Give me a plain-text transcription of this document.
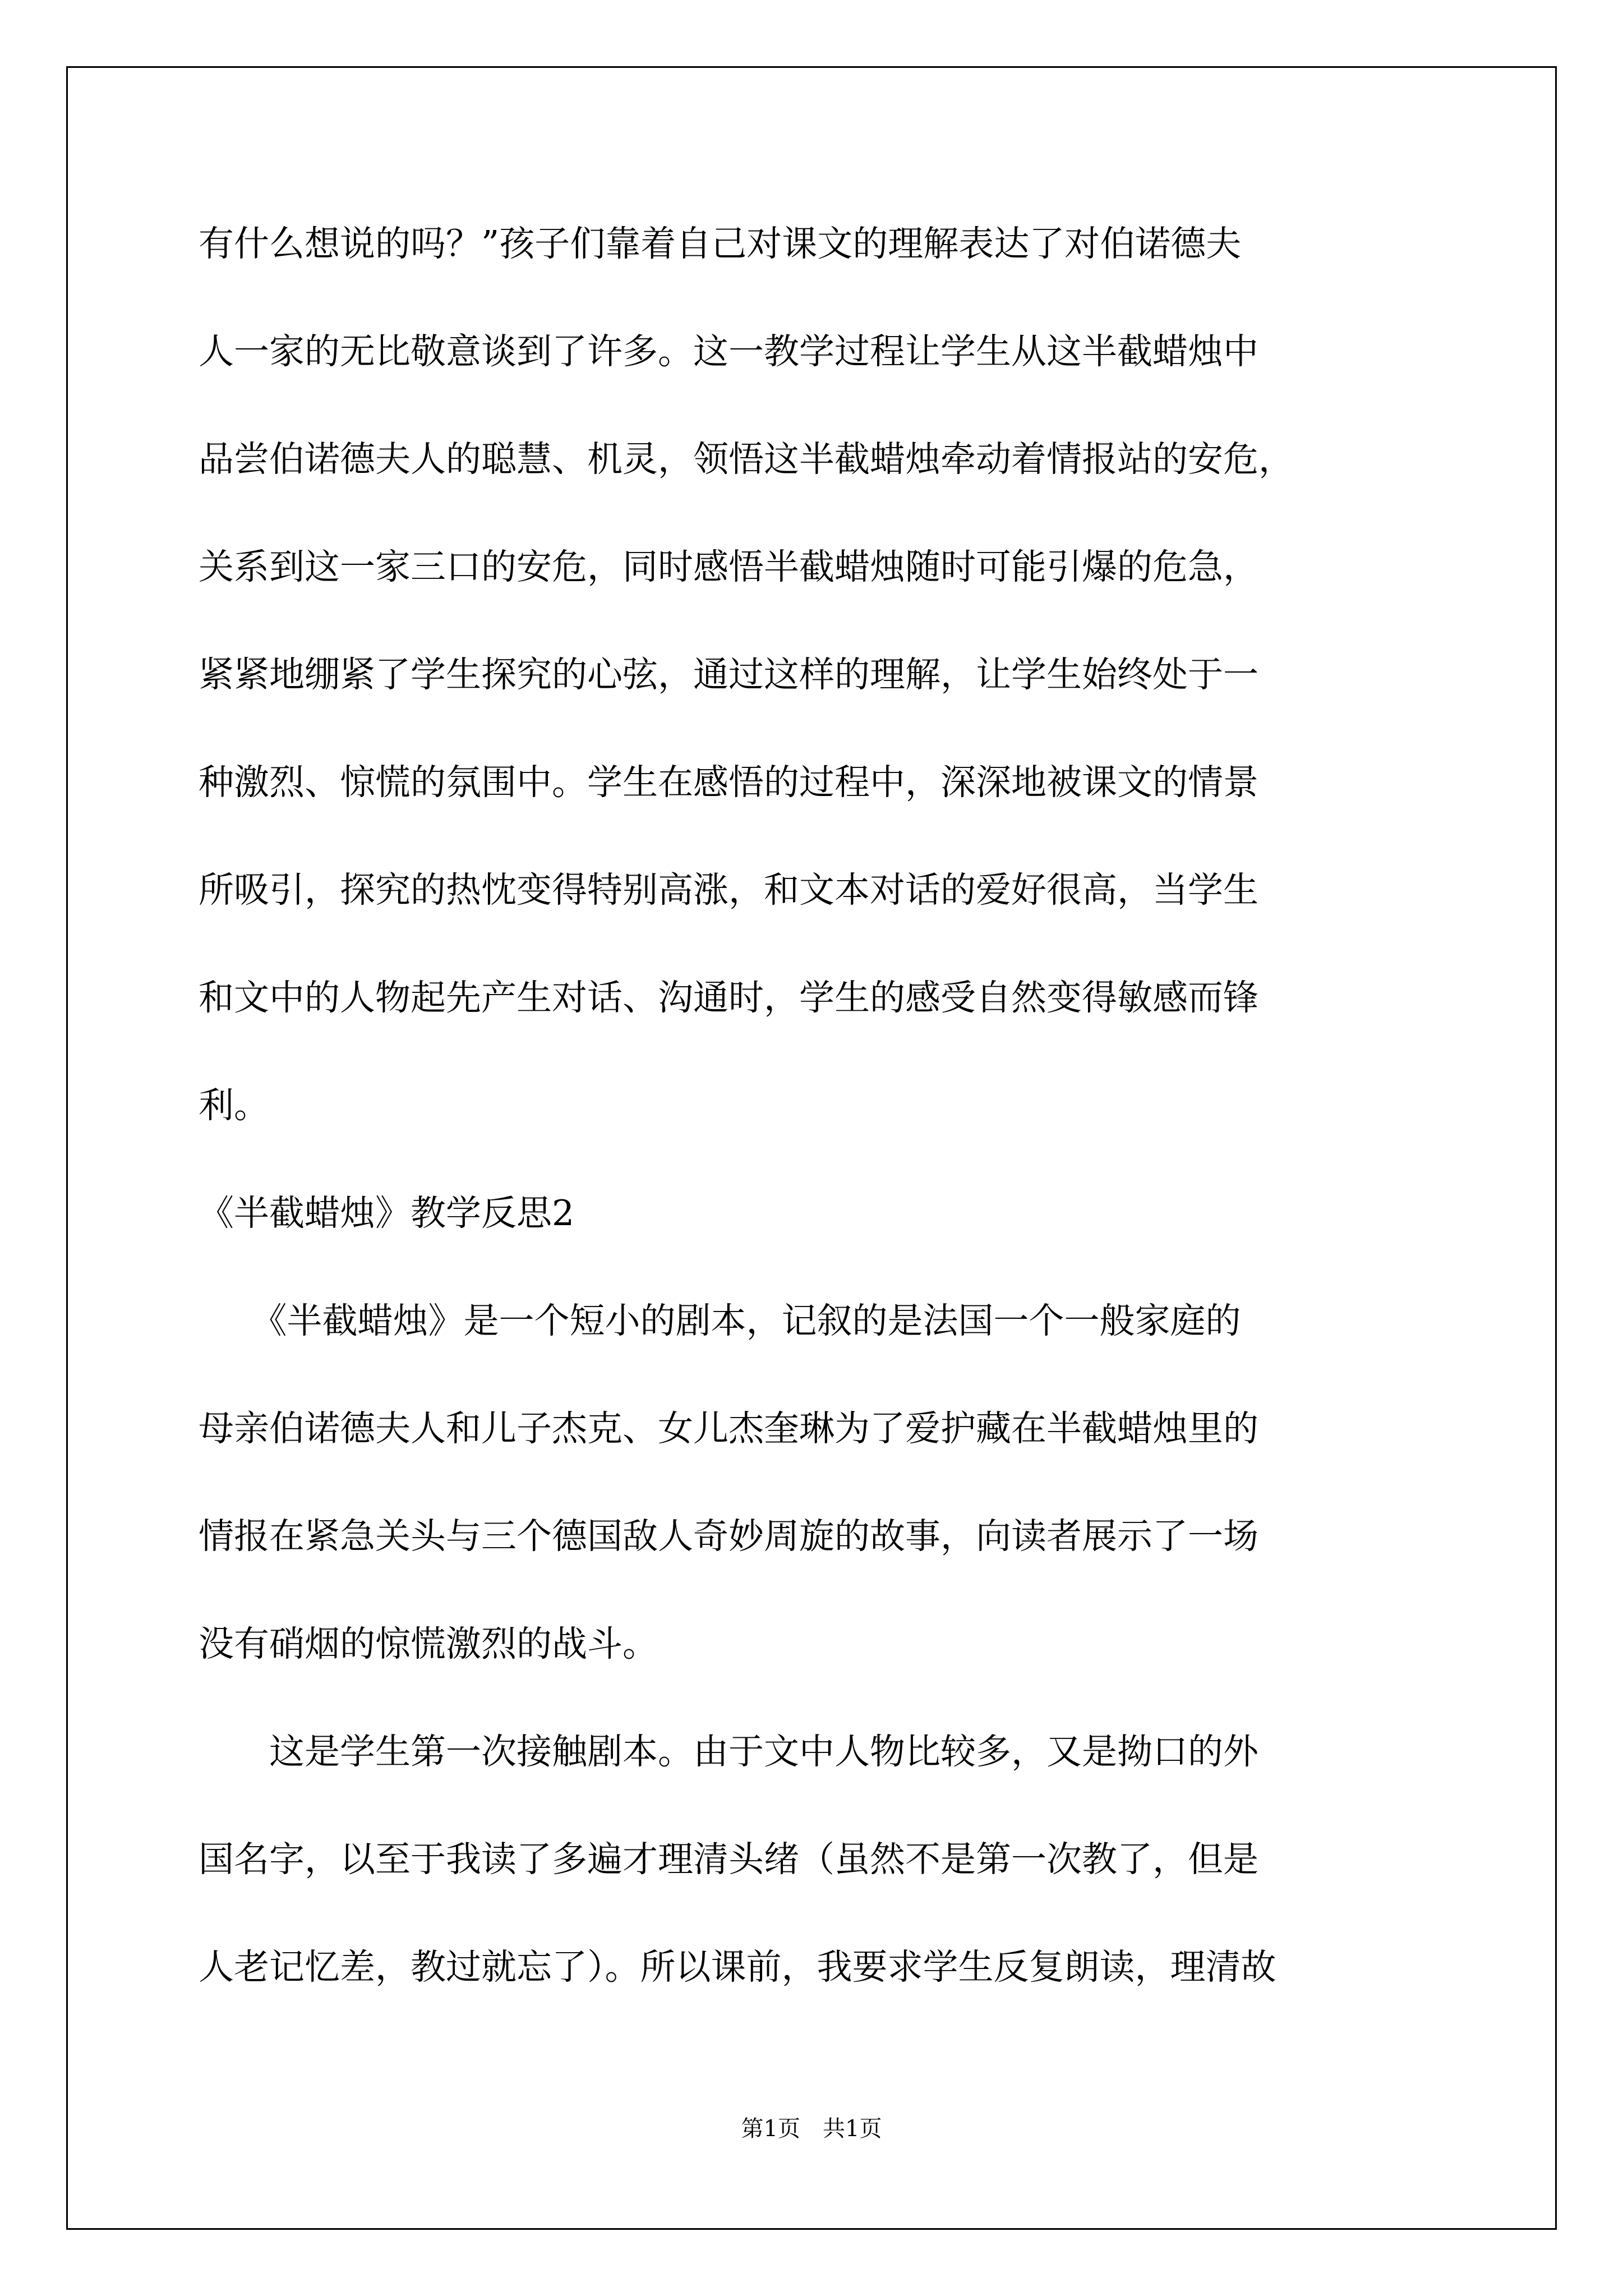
有什么想说的吗？”孩子们靠着自己对课文的理解表达了对伯诺德夫
人一家的无比敬意谈到了许多。这一教学过程让学生从这半截蜡烛中
品尝伯诺德夫人的聪慧、机灵，领悟这半截蜡烛牵动着情报站的安危，
关系到这一家三口的安危，同时感悟半截蜡烛随时可能引爆的危急，
紧紧地绷紧了学生探究的心弦，通过这样的理解，让学生始终处于一
种激烈、惊慌的氛围中。学生在感悟的过程中，深深地被课文的情景
所吸引，探究的热忱变得特别高涨，和文本对话的爱好很高，当学生
和文中的人物起先产生对话、沟通时，学生的感受自然变得敏感而锋
利。
《半截蜡烛》教学反思2
　　《半截蜡烛》是一个短小的剧本，记叙的是法国一个一般家庭的
母亲伯诺德夫人和儿子杰克、女儿杰奎琳为了爱护藏在半截蜡烛里的
情报在紧急关头与三个德国敌人奇妙周旋的故事，向读者展示了一场
没有硝烟的惊慌激烈的战斗。
　　这是学生第一次接触剧本。由于文中人物比较多，又是拗口的外
国名字，以至于我读了多遍才理清头绪（虽然不是第一次教了，但是
人老记忆差，教过就忘了）。所以课前，我要求学生反复朗读，理清故
第1页　共1页
